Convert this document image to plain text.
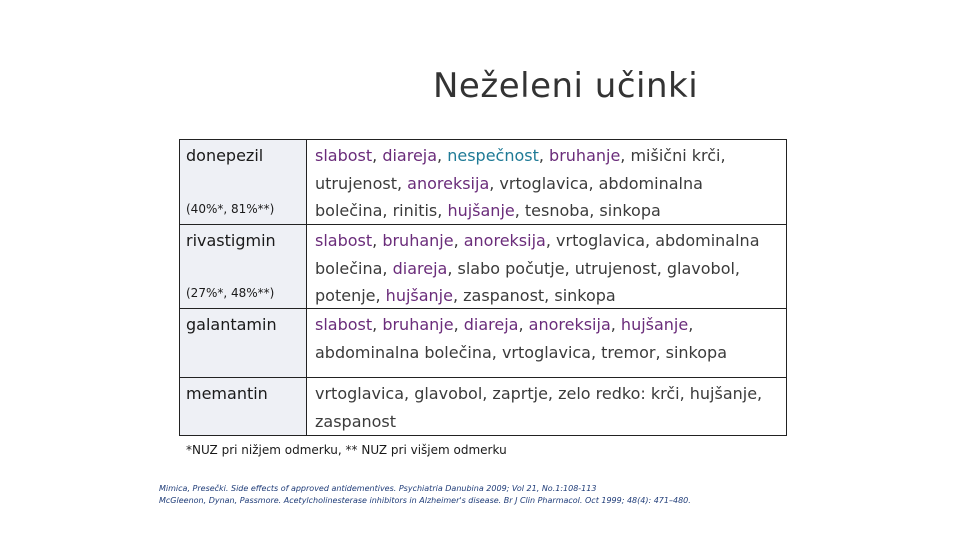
Neželeni učinki
donepezil
(40%*, 81%**)
slabost, diareja, nespečnost, bruhanje, mišični krči, utrujenost, anoreksija, vrtoglavica, abdominalna bolečina, rinitis, hujšanje, tesnoba, sinkopa
rivastigmin
(27%*, 48%**)
slabost, bruhanje, anoreksija, vrtoglavica, abdominalna bolečina, diareja, slabo počutje, utrujenost, glavobol, potenje, hujšanje, zaspanost, sinkopa
galantamin	slabost, bruhanje, diareja, anoreksija, hujšanje, abdominalna bolečina, vrtoglavica, tremor, sinkopa
memantin	vrtoglavica, glavobol, zaprtje, zelo redko: krči, hujšanje, zaspanost
*NUZ pri nižjem odmerku, ** NUZ pri višjem odmerku
Mimica, Presečki. Side effects of approved antidementives. Psychiatria Danubina 2009; Vol 21, No.1:108-113
McGleenon, Dynan, Passmore. Acetylcholinesterase inhibitors in Alzheimer's disease. Br J Clin Pharmacol. Oct 1999; 48(4): 471–480.
